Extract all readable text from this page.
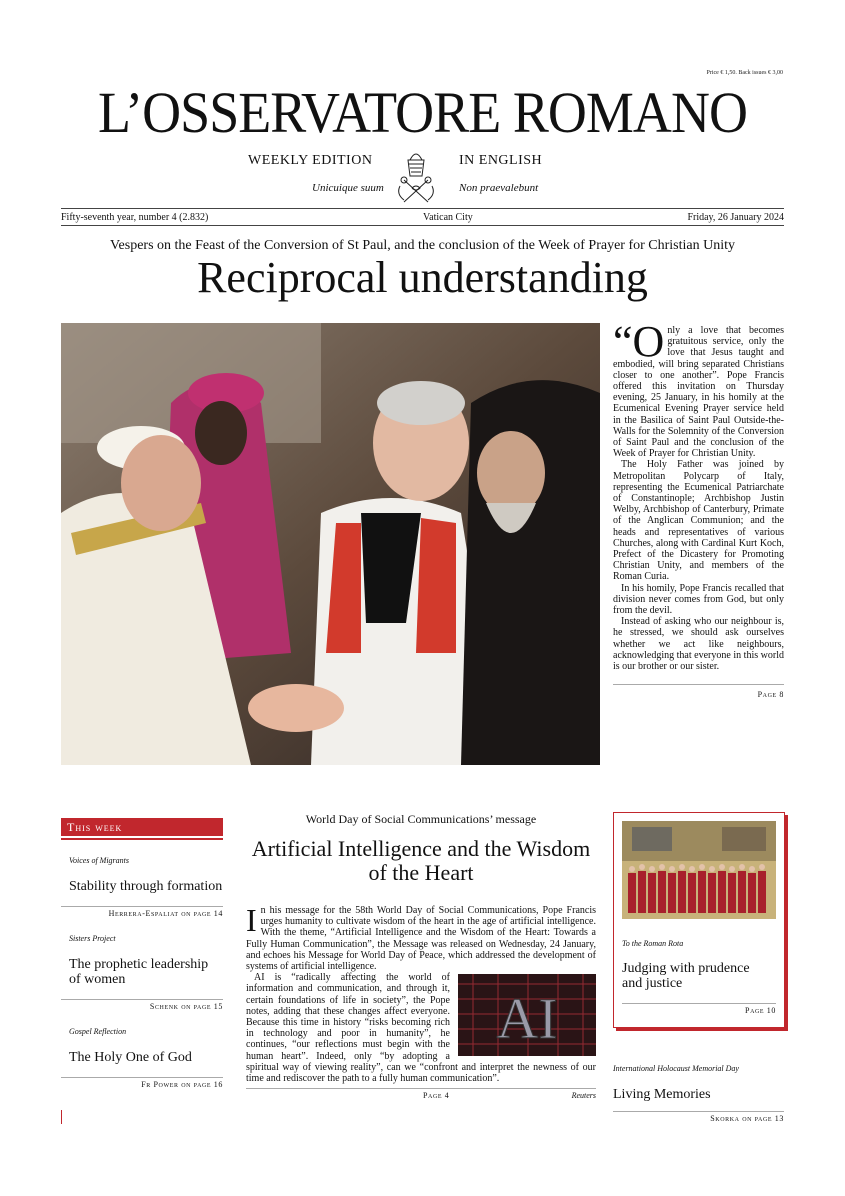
Price € 1,50. Back issues € 3,00
L’OSSERVATORE ROMANO
WEEKLY EDITION	IN ENGLISH
Unicuique suum	Non praevalebunt
Fifty-seventh year, number 4 (2.832)	Vatican City	Friday, 26 January 2024
Vespers on the Feast of the Conversion of St Paul, and the conclusion of the Week of Prayer for Christian Unity
Reciprocal understanding

“Only a love that becomes gratuitous service, only the love that Jesus taught and embodied, will bring separated Christians closer to one another”. Pope Francis offered this invitation on Thursday evening, 25 January, in his homily at the Ecumenical Evening Prayer service held in the Basilica of Saint Paul Outside-the-Walls for the Solemnity of the Conversion of Saint Paul and the conclusion of the Week of Prayer for Christian Unity.

The Holy Father was joined by Metropolitan Polycarp of Italy, representing the Ecumenical Patriarchate of Constantinople; Archbishop Justin Welby, Archbishop of Canterbury, Primate of the Anglican Communion; and the heads and representatives of various Churches, along with Cardinal Kurt Koch, Prefect of the Dicastery for Promoting Christian Unity, and members of the Roman Curia.

In his homily, Pope Francis recalled that division never comes from God, but only from the devil.

Instead of asking who our neighbour is, he stressed, we should ask ourselves whether we act like neighbours, acknowledging that everyone in this world is our brother or our sister.

Page 8
This week
Voices of Migrants
Stability through formation
Herrera-Espaliat on page 14
Sisters Project
The prophetic leadership of women
Schenk on page 15
Gospel Reflection
The Holy One of God
Fr Power on page 16
World Day of Social Communications’ message
Artificial Intelligence and the Wisdom of the Heart

In his message for the 58th World Day of Social Communications, Pope Francis urges humanity to cultivate wisdom of the heart in the age of artificial intelligence. With the theme, “Artificial Intelligence and the Wisdom of the Heart: Towards a Fully Human Communication”, the Message was released on Wednesday, 24 January, and echoes his Message for World Day of Peace, which addressed the development of systems of artificial intelligence.

AI
AI is “radically affecting the world of information and communication, and through it, certain foundations of life in society”, the Pope notes, adding that these changes affect everyone. Because this time in history “risks becoming rich in technology and poor in humanity”, he continues, “our reflections must begin with the human heart”. Indeed, only “by adopting a spiritual way of viewing reality”, can we “confront and interpret the newness of our time and rediscover the path to a fully human communication”.

Page 4	Reuters
To the Roman Rota
Judging with prudence and justice
Page 10
International Holocaust Memorial Day
Living Memories
Skorka on page 13
